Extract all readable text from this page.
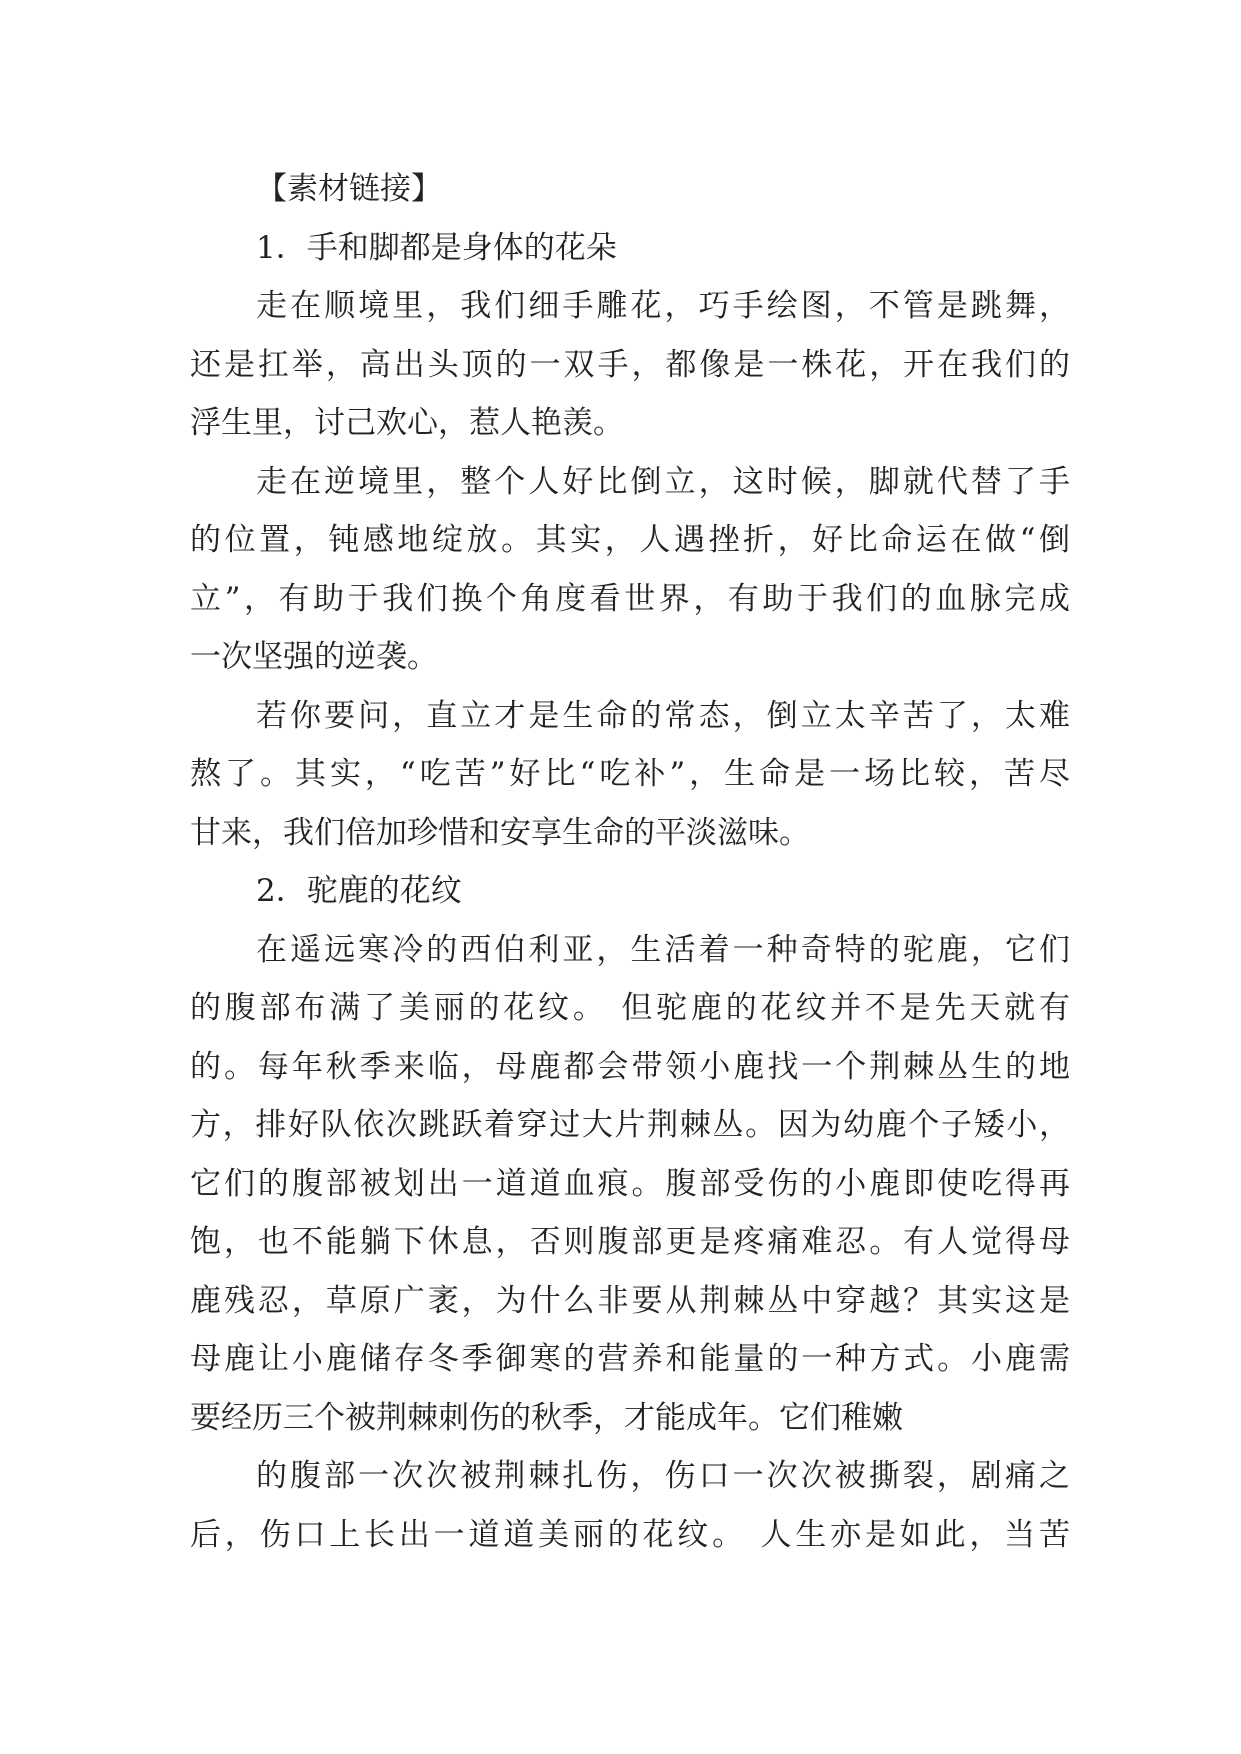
【素材链接】
1．手和脚都是身体的花朵
走在顺境里，我们细手雕花，巧手绘图，不管是跳舞，
还是扛举，高出头顶的一双手，都像是一株花，开在我们的
浮生里，讨己欢心，惹人艳羡。
走在逆境里，整个人好比倒立，这时候，脚就代替了手
的位置，钝感地绽放。其实，人遇挫折，好比命运在做“倒
立”，有助于我们换个角度看世界，有助于我们的血脉完成
一次坚强的逆袭。
若你要问，直立才是生命的常态，倒立太辛苦了，太难
熬了。其实，“吃苦”好比“吃补”，生命是一场比较，苦尽
甘来，我们倍加珍惜和安享生命的平淡滋味。
2．驼鹿的花纹
在遥远寒冷的西伯利亚，生活着一种奇特的驼鹿，它们
的腹部布满了美丽的花纹。 但驼鹿的花纹并不是先天就有
的。每年秋季来临，母鹿都会带领小鹿找一个荆棘丛生的地
方，排好队依次跳跃着穿过大片荆棘丛。因为幼鹿个子矮小，
它们的腹部被划出一道道血痕。腹部受伤的小鹿即使吃得再
饱，也不能躺下休息，否则腹部更是疼痛难忍。有人觉得母
鹿残忍，草原广袤，为什么非要从荆棘丛中穿越？其实这是
母鹿让小鹿储存冬季御寒的营养和能量的一种方式。小鹿需
要经历三个被荆棘刺伤的秋季，才能成年。它们稚嫩
的腹部一次次被荆棘扎伤，伤口一次次被撕裂，剧痛之
后，伤口上长出一道道美丽的花纹。 人生亦是如此，当苦
